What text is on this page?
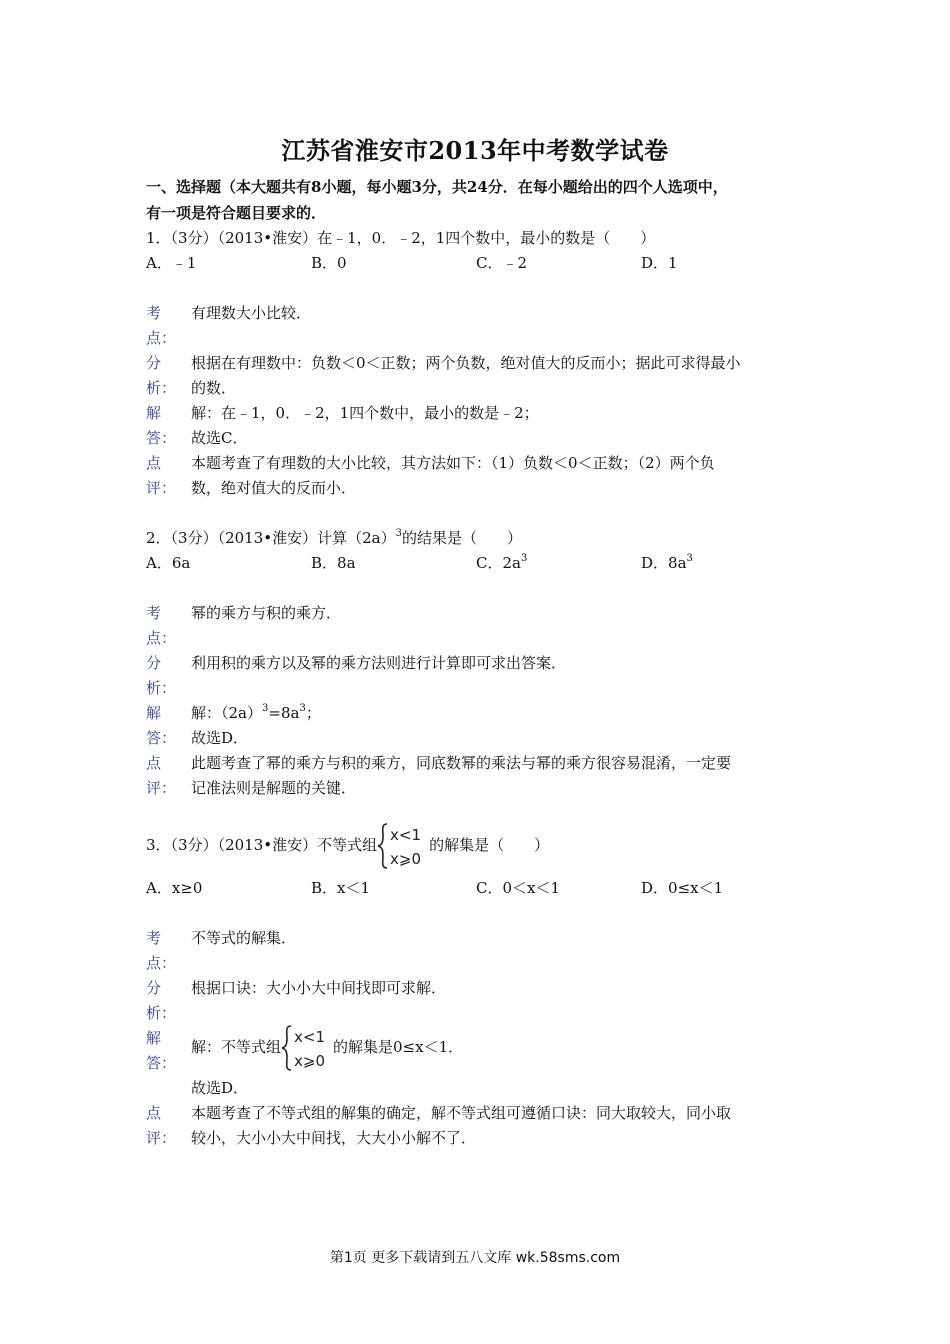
江苏省淮安市2013年中考数学试卷
一、选择题（本大题共有8小题，每小题3分，共24分．在每小题给出的四个人选项中，
有一项是符合题目要求的．
1．（3分）（2013•淮安）在﹣1，0．﹣2，1四个数中，最小的数是（　　）
A．﹣1	B．0	C．﹣2	D．1
考
点：
有理数大小比较．
分
析：
根据在有理数中：负数＜0＜正数；两个负数，绝对值大的反而小；据此可求得最小
的数．
解
答：
解：在﹣1，0．﹣2，1四个数中，最小的数是﹣2；
故选C．
点
评：
本题考查了有理数的大小比较，其方法如下：（1）负数＜0＜正数；（2）两个负
数，绝对值大的反而小．
2．（3分）（2013•淮安）计算$(2a)^3$的结果是（　　）
A．6a	B．8a	C．$2a^3$	D．$8a^3$
考
点：
幂的乘方与积的乘方．
分
析：
利用积的乘方以及幂的乘方法则进行计算即可求出答案．
解
答：
解：$(2a)^3=8a^3$；
故选D．
点
评：
此题考查了幂的乘方与积的乘方，同底数幂的乘法与幂的乘方很容易混淆，一定要
记准法则是解题的关键．
3．（3分）（2013•淮安）不等式组
x<1
x⩾0
的解集是（　　）
A．x≥0	B．x＜1	C．0＜x＜1	D．0≤x＜1
考
点：
不等式的解集．
分
析：
根据口诀：大小小大中间找即可求解．
解
答：
解：不等式组
x<1
x⩾0
的解集是0≤x＜1．
故选D．
点
评：
本题考查了不等式组的解集的确定，解不等式组可遵循口诀：同大取较大，同小取
较小，大小小大中间找，大大小小解不了．
第1页 更多下载请到五八文库 wk.58sms.com
